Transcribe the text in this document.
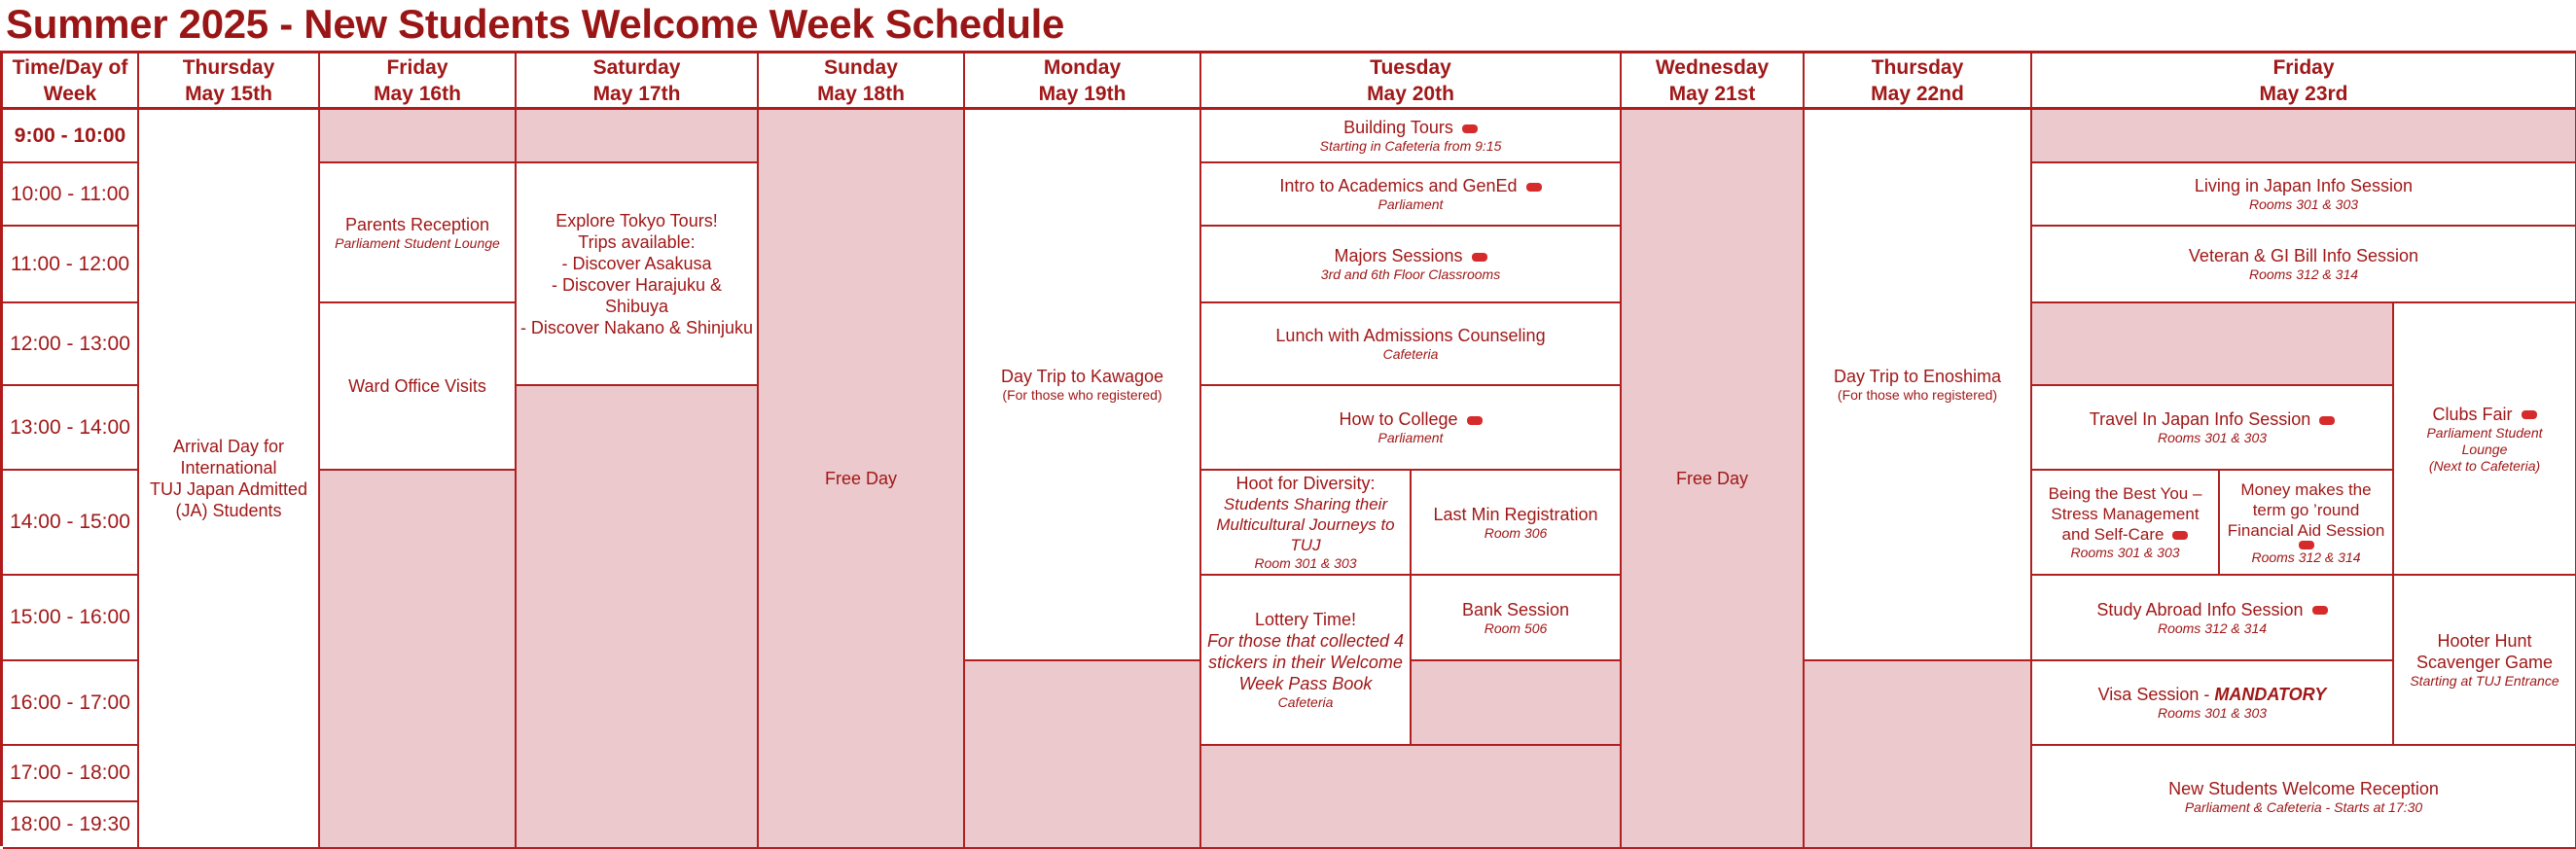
Summer 2025 - New Students Welcome Week Schedule
Time/Day of
Week
Thursday
May 15th
Friday
May 16th
Saturday
May 17th
Sunday
May 18th
Monday
May 19th
Tuesday
May 20th
Wednesday
May 21st
Thursday
May 22nd
Friday
May 23rd
9:00 - 10:00
10:00 - 11:00
11:00 - 12:00
12:00 - 13:00
13:00 - 14:00
14:00 - 15:00
15:00 - 16:00
16:00 - 17:00
17:00 - 18:00
18:00 - 19:30
Arrival Day for
International
TUJ Japan Admitted
(JA) Students
Parents Reception
Parliament Student Lounge
Ward Office Visits
Explore Tokyo Tours!
Trips available:
- Discover Asakusa
- Discover Harajuku &
Shibuya
- Discover Nakano & Shinjuku
Free Day
Day Trip to Kawagoe
(For those who registered)
Building Tours
Starting in Cafeteria from 9:15
Intro to Academics and GenEd
Parliament
Majors Sessions
3rd and 6th Floor Classrooms
Lunch with Admissions Counseling
Cafeteria
How to College
Parliament
Hoot for Diversity:
Students Sharing their
Multicultural Journeys to TUJ
Room 301 & 303
Last Min Registration
Room 306
Lottery Time!
For those that collected 4
stickers in their Welcome
Week Pass Book
Cafeteria
Bank Session
Room 506
Free Day
Day Trip to Enoshima
(For those who registered)
Living in Japan Info Session
Rooms 301 & 303
Veteran & GI Bill Info Session
Rooms 312 & 314
Travel In Japan Info Session
Rooms 301 & 303
Clubs Fair
Parliament Student
Lounge
(Next to Cafeteria)
Being the Best You –
Stress Management
and Self-Care
Rooms 301 & 303
Money makes the
term go ’round
Financial Aid Session
Rooms 312 & 314
Study Abroad Info Session
Rooms 312 & 314
Hooter Hunt
Scavenger Game
Starting at TUJ Entrance
Visa Session - MANDATORY
Rooms 301 & 303
New Students Welcome Reception
Parliament & Cafeteria - Starts at 17:30
